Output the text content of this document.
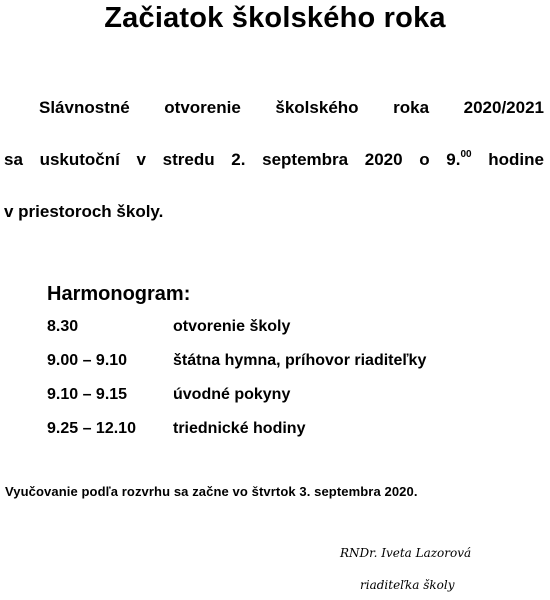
Začiatok školského roka
Slávnostné otvorenie školského roka 2020/2021
sa uskutoční v stredu 2. septembra 2020 o 9.00 hodine
v priestoroch školy.
Harmonogram:
8.30	otvorenie školy
9.00 – 9.10	štátna hymna, príhovor riaditeľky
9.10 – 9.15	úvodné pokyny
9.25 – 12.10 triednické hodiny
Vyučovanie podľa rozvrhu sa začne vo štvrtok 3. septembra 2020.
RNDr. Iveta Lazorová
riaditeľka školy
